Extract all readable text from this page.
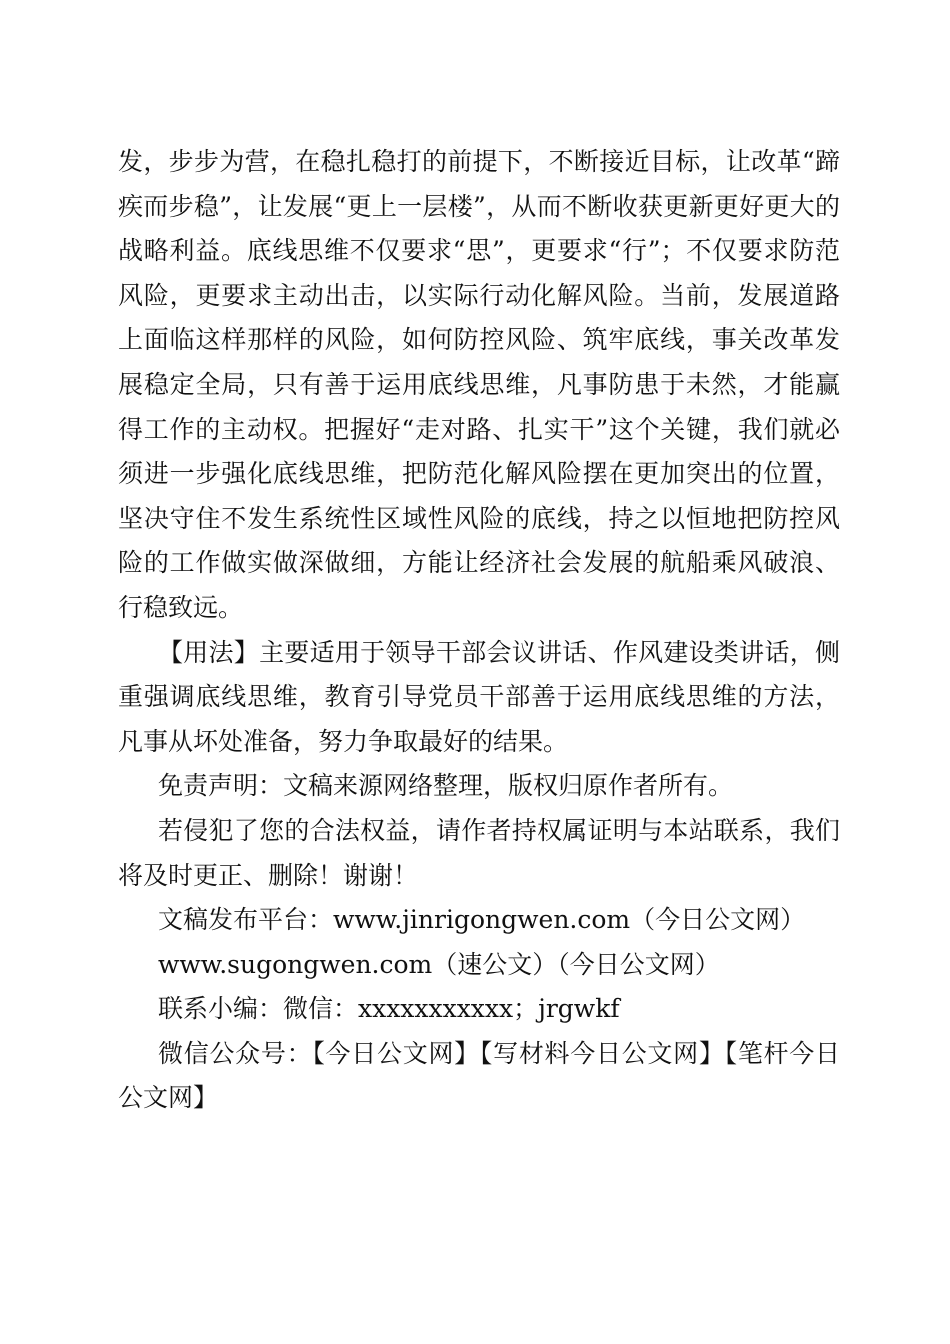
发，步步为营，在稳扎稳打的前提下，不断接近目标，让改革“蹄疾而步稳”，让发展“更上一层楼”，从而不断收获更新更好更大的战略利益。底线思维不仅要求“思”，更要求“行”；不仅要求防范风险，更要求主动出击，以实际行动化解风险。当前，发展道路上面临这样那样的风险，如何防控风险、筑牢底线，事关改革发展稳定全局，只有善于运用底线思维，凡事防患于未然，才能赢得工作的主动权。把握好“走对路、扎实干”这个关键，我们就必须进一步强化底线思维，把防范化解风险摆在更加突出的位置，坚决守住不发生系统性区域性风险的底线，持之以恒地把防控风险的工作做实做深做细，方能让经济社会发展的航船乘风破浪、行稳致远。

【用法】主要适用于领导干部会议讲话、作风建设类讲话，侧重强调底线思维，教育引导党员干部善于运用底线思维的方法，凡事从坏处准备，努力争取最好的结果。

免责声明：文稿来源网络整理，版权归原作者所有。

若侵犯了您的合法权益，请作者持权属证明与本站联系，我们将及时更正、删除！谢谢！

文稿发布平台：www.jinrigongwen.com（今日公文网）

www.sugongwen.com（速公文）（今日公文网）

联系小编：微信：xxxxxxxxxxx；jrgwkf

微信公众号：【今日公文网】【写材料今日公文网】【笔杆今日公文网】
